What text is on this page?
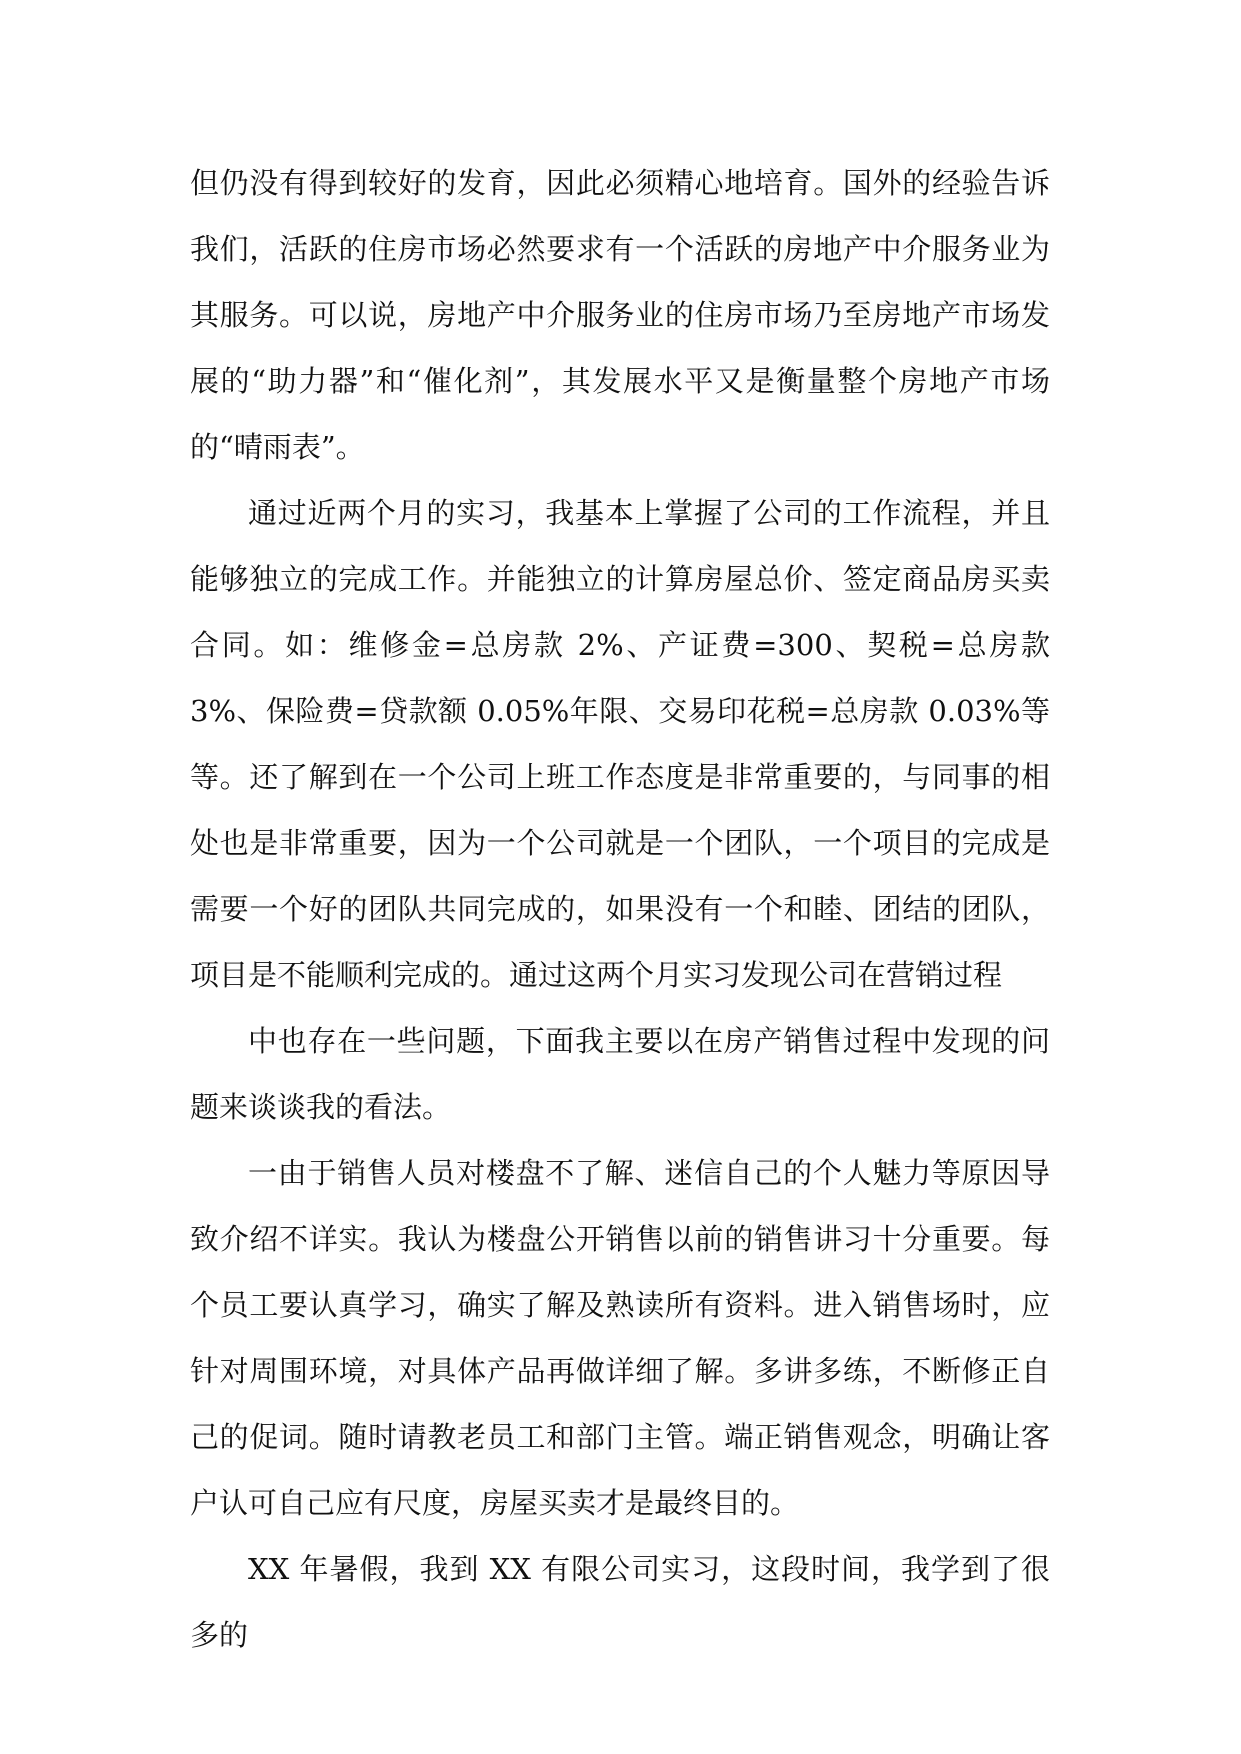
但仍没有得到较好的发育，因此必须精心地培育。国外的经验告诉我们，活跃的住房市场必然要求有一个活跃的房地产中介服务业为其服务。可以说，房地产中介服务业的住房市场乃至房地产市场发展的“助力器”和“催化剂”，其发展水平又是衡量整个房地产市场的“晴雨表”。

通过近两个月的实习，我基本上掌握了公司的工作流程，并且能够独立的完成工作。并能独立的计算房屋总价、签定商品房买卖合同。如：维修金=总房款 2%、产证费=300、契税=总房款 3%、保险费=贷款额 0.05%年限、交易印花税=总房款 0.03%等等。还了解到在一个公司上班工作态度是非常重要的，与同事的相处也是非常重要，因为一个公司就是一个团队，一个项目的完成是需要一个好的团队共同完成的，如果没有一个和睦、团结的团队，项目是不能顺利完成的。通过这两个月实习发现公司在营销过程

中也存在一些问题，下面我主要以在房产销售过程中发现的问题来谈谈我的看法。

一由于销售人员对楼盘不了解、迷信自己的个人魅力等原因导致介绍不详实。我认为楼盘公开销售以前的销售讲习十分重要。每个员工要认真学习，确实了解及熟读所有资料。进入销售场时，应针对周围环境，对具体产品再做详细了解。多讲多练，不断修正自己的促词。随时请教老员工和部门主管。端正销售观念，明确让客户认可自己应有尺度，房屋买卖才是最终目的。

XX 年暑假，我到 XX 有限公司实习，这段时间，我学到了很多的
